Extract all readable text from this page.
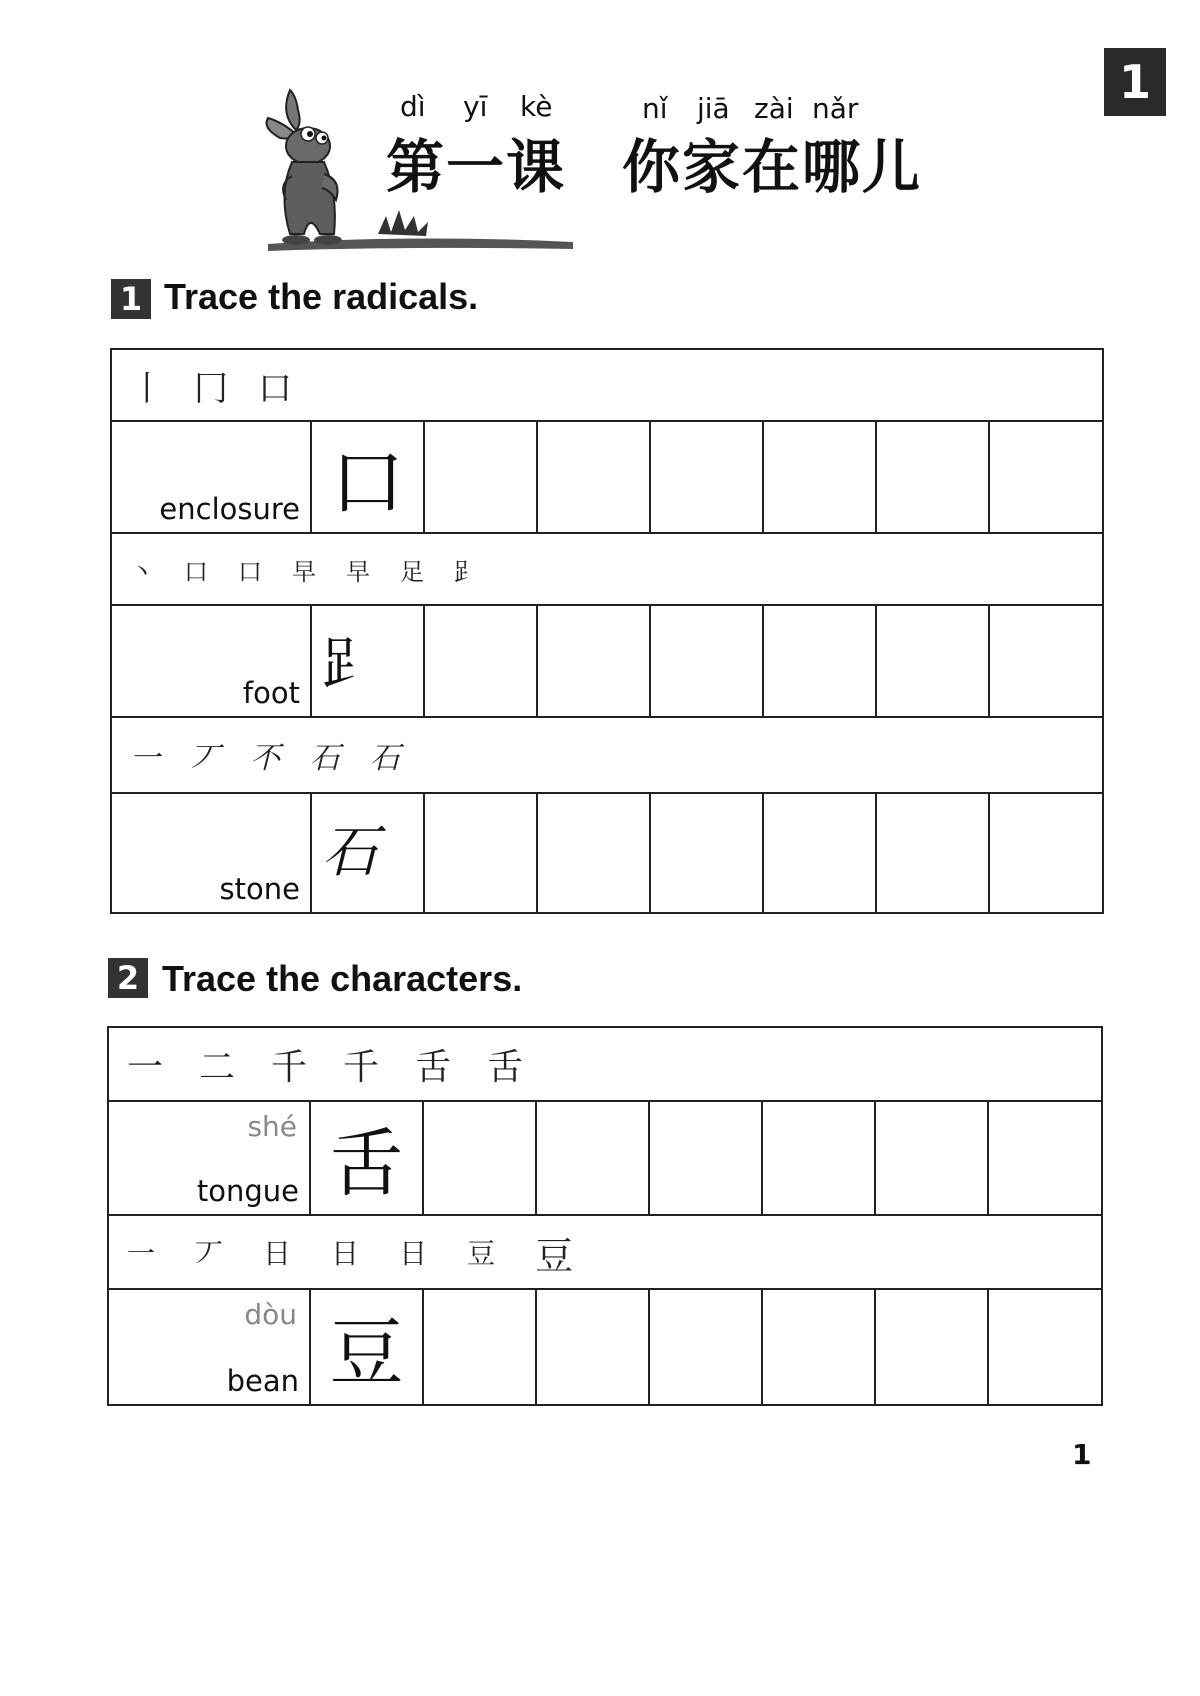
1
dì yī kè	nǐ jiā zài nǎr
第一课 你家在哪儿
1 Trace the radicals.
丨 冂 口
enclosure 口
丶 口 口 早 早 足 𧾷
foot 𧾷
一 丆 不 石 石
stone
石
2 Trace the characters.
一 二 千 千 舌 舌
shé
tongue 舌
一 丆 日 日 日 豆 豆
dòu
bean 豆
1
